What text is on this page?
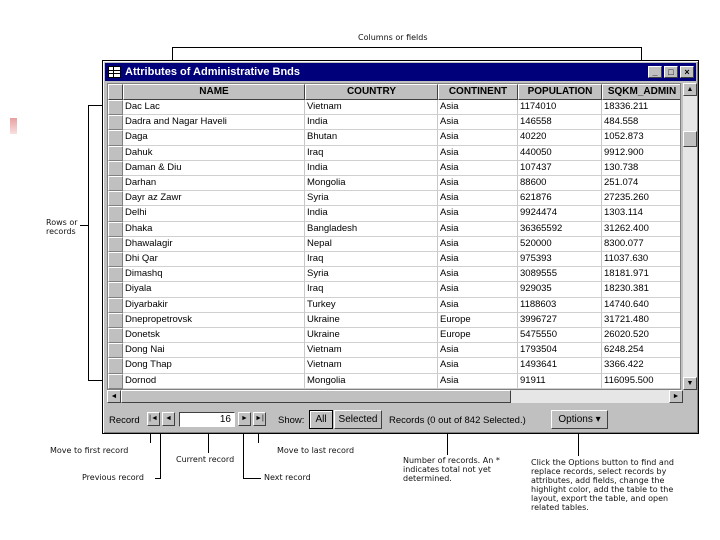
Columns or fields
Rows or records
Move to first record
Current record
Previous record	Next record
Move to last record
Number of records. An * indicates total not yet determined.
Click the Options button to find and replace records, select records by attributes, add fields, change the highlight color, add the table to the layout, export the table, and open related tables.
Attributes of Administrative Bnds	_	□	×
NAME	COUNTRY	CONTINENT	POPULATION	SQKM_ADMIN
Dac Lac	Vietnam	Asia	1174010	18336.211
Dadra and Nagar Haveli	India	Asia	146558	484.558
Daga	Bhutan	Asia	40220	1052.873
Dahuk	Iraq	Asia	440050	9912.900
Daman & Diu	India	Asia	107437	130.738
Darhan	Mongolia	Asia	88600	251.074
Dayr az Zawr	Syria	Asia	621876	27235.260
Delhi	India	Asia	9924474	1303.114
Dhaka	Bangladesh	Asia	36365592	31262.400
Dhawalagir	Nepal	Asia	520000	8300.077
Dhi Qar	Iraq	Asia	975393	11037.630
Dimashq	Syria	Asia	3089555	18181.971
Diyala	Iraq	Asia	929035	18230.381
Diyarbakir	Turkey	Asia	1188603	14740.640
Dnepropetrovsk	Ukraine	Europe	3996727	31721.480
Donetsk	Ukraine	Europe	5475550	26020.520
Dong Nai	Vietnam	Asia	1793504	6248.254
Dong Thap	Vietnam	Asia	1493641	3366.422
Dornod	Mongolia	Asia	91911	116095.500
▲
▼
◄	►
Record	|◄	◄	16	►	►| Show:	All	Selected	Records (0 out of 842 Selected.)	Options ▾
